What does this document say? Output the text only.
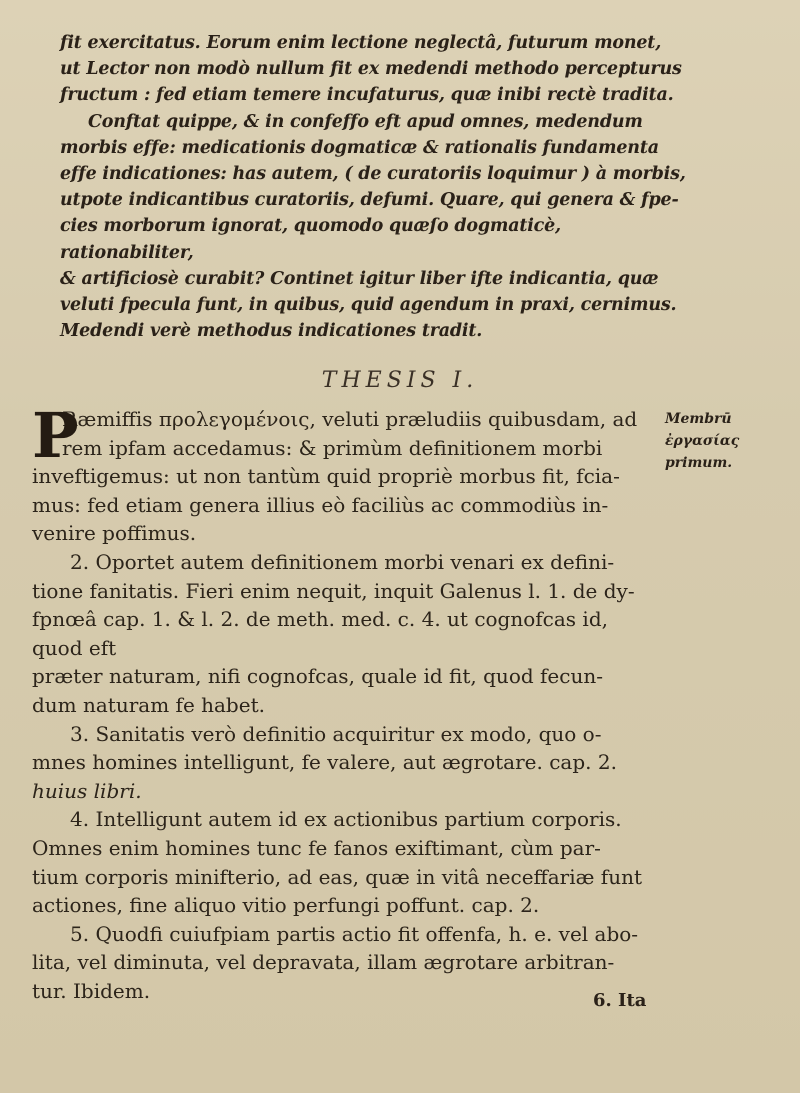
fit exercitatus. Eorum enim lectione neglectâ, futurum monet,

ut Lector non modò nullum fit ex medendi methodo percepturus

fructum : fed etiam temere incufaturus, quæ inibi rectè tradita.

Conftat quippe, & in confeffo eft apud omnes, medendum

morbis effe: medicationis dogmaticæ & rationalis fundamenta

effe indicationes: has autem, ( de curatoriis loquimur ) à morbis,

utpote indicantibus curatoriis, defumi. Quare, qui genera & fpe-

cies morborum ignorat, quomodo quæſo dogmaticè, rationabiliter,

& artificiosè curabit? Continet igitur liber ifte indicantia, quæ

veluti fpecula funt, in quibus, quid agendum in praxi, cernimus.

Medendi verè methodus indicationes tradit.

THESIS I.
Membrū
ἐργασίας
primum.
P

Ræmiffis προλεγομένοις, veluti præludiis quibusdam, ad

rem ipfam accedamus: & primùm definitionem morbi

inveftigemus: ut non tantùm quid propriè morbus fit, fcia-

mus: fed etiam genera illius eò faciliùs ac commodiùs in-

venire poffimus.

2. Oportet autem definitionem morbi venari ex defini-

tione fanitatis. Fieri enim nequit, inquit Galenus l. 1. de dy-

fpnœâ cap. 1. & l. 2. de meth. med. c. 4. ut cognofcas id, quod eft

præter naturam, nifi cognofcas, quale id fit, quod fecun-

dum naturam fe habet.

3. Sanitatis verò definitio acquiritur ex modo, quo o-

mnes homines intelligunt, fe valere, aut ægrotare. cap. 2.

huius libri.

4. Intelligunt autem id ex actionibus partium corporis.

Omnes enim homines tunc fe fanos exiftimant, cùm par-

tium corporis minifterio, ad eas, quæ in vitâ neceffariæ funt

actiones, fine aliquo vitio perfungi poffunt. cap. 2.

5. Quodfi cuiufpiam partis actio fit offenfa, h. e. vel abo-

lita, vel diminuta, vel depravata, illam ægrotare arbitran-

tur. Ibidem.	6. Ita
